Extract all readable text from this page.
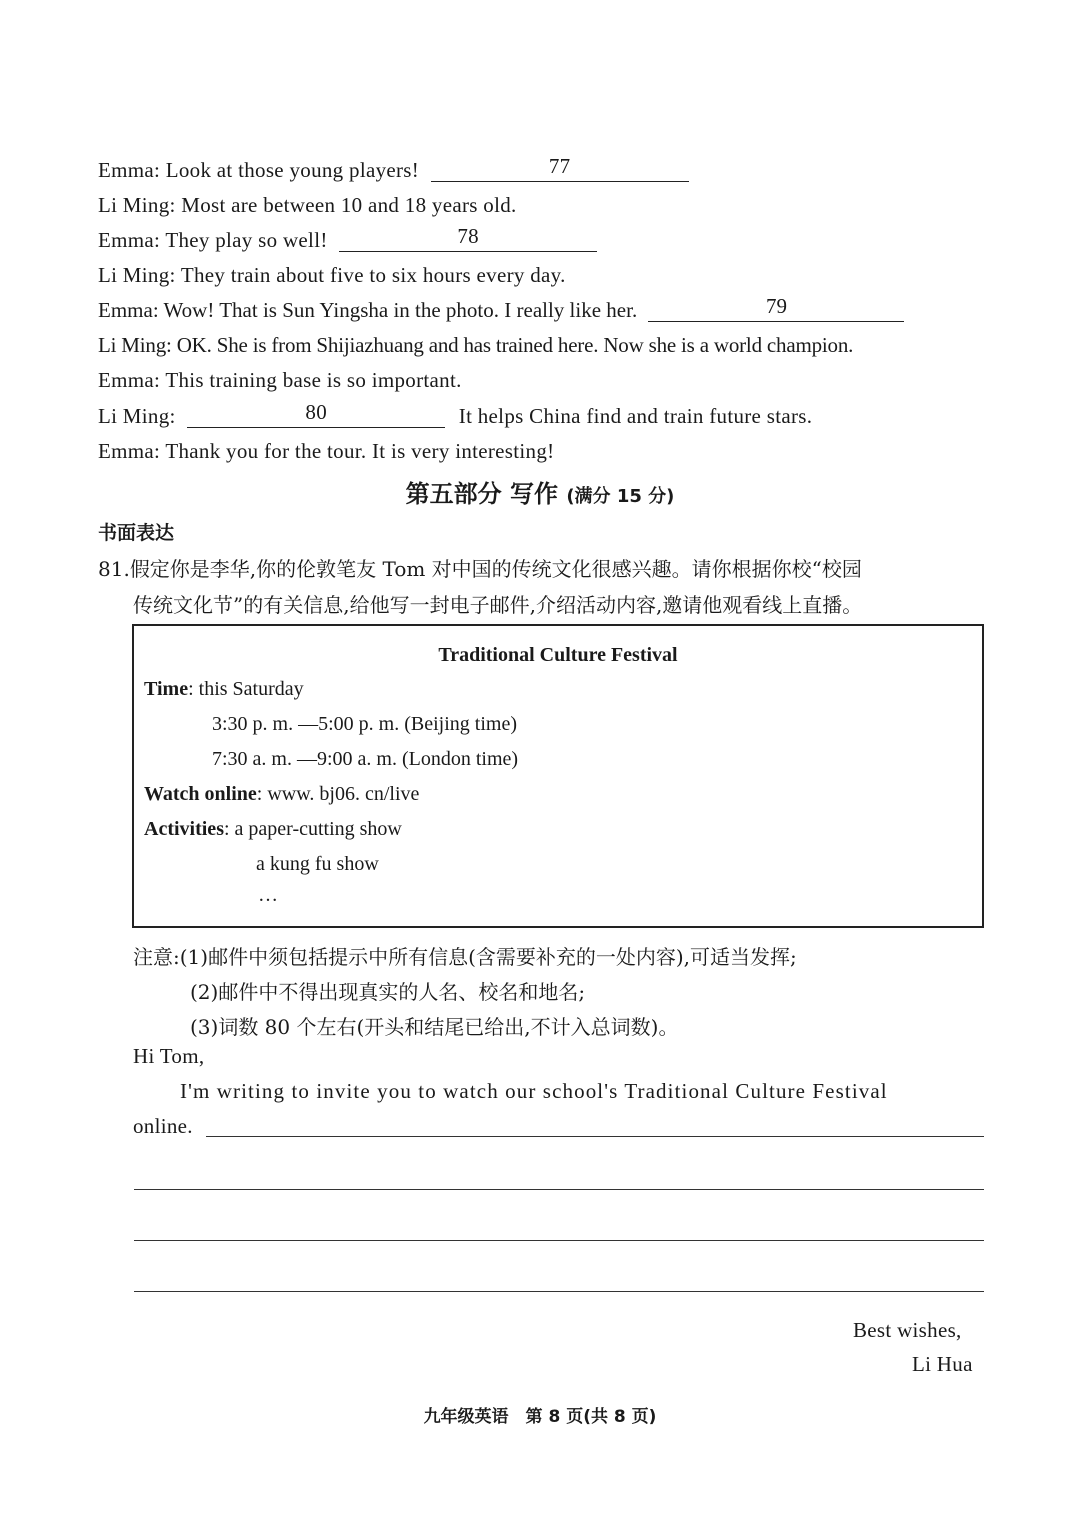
Emma: Look at those young players!	77
Li Ming: Most are between 10 and 18 years old.
Emma: They play so well!	78
Li Ming: They train about five to six hours every day.
Emma: Wow! That is Sun Yingsha in the photo. I really like her.	79
Li Ming: OK. She is from Shijiazhuang and has trained here. Now she is a world champion.
Emma: This training base is so important.
Li Ming:	80	It helps China find and train future stars.
Emma: Thank you for the tour. It is very interesting!
第五部分 写作 (满分 15 分)
书面表达
81.假定你是李华,你的伦敦笔友 Tom 对中国的传统文化很感兴趣。请你根据你校“校园
传统文化节”的有关信息,给他写一封电子邮件,介绍活动内容,邀请他观看线上直播。
Traditional Culture Festival
Time: this Saturday
3:30 p. m. —5:00 p. m. (Beijing time)
7:30 a. m. —9:00 a. m. (London time)
Watch online: www. bj06. cn/live
Activities: a paper-cutting show
a kung fu show
…
注意:(1)邮件中须包括提示中所有信息(含需要补充的一处内容),可适当发挥;
(2)邮件中不得出现真实的人名、校名和地名;
(3)词数 80 个左右(开头和结尾已给出,不计入总词数)。
Hi Tom,
I'm writing to invite you to watch our school's Traditional Culture Festival
online.
Best wishes,
Li Hua
九年级英语　第 8 页(共 8 页)
